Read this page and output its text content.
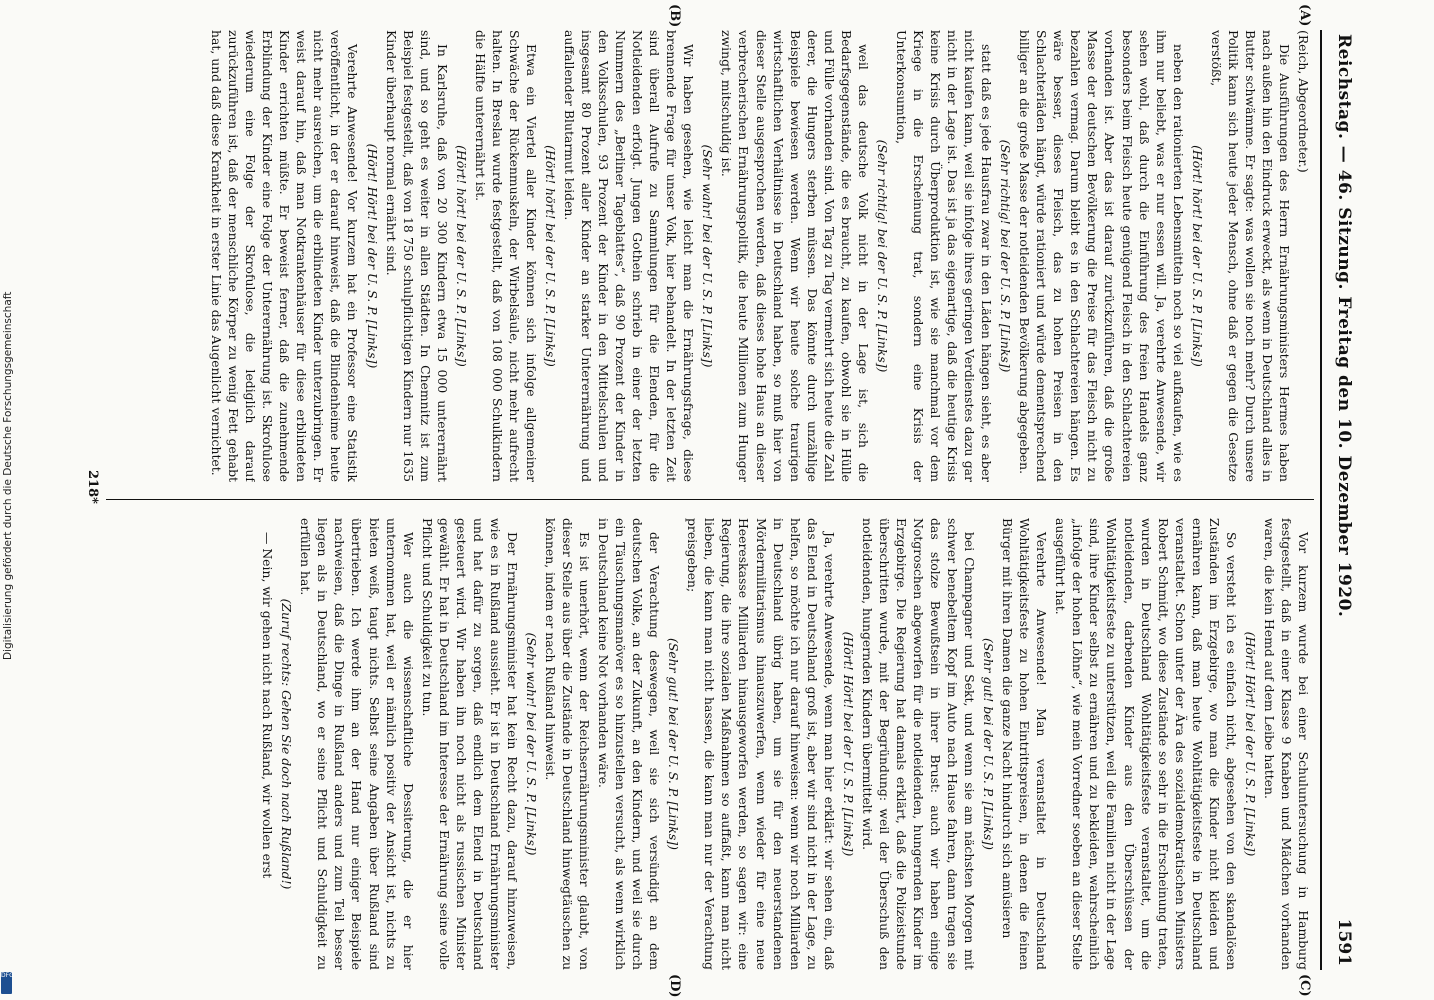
Reichstag. — 46. Sitzung. Freitag den 10. Dezember 1920.
1591
(A)
(B)
(C)
(D)

(Reich, Abgeordneter.)

Die Ausführungen des Herrn Ernährungsministers Hermes haben nach außen hin den Eindruck erweckt, als wenn in Deutschland alles in Butter schwämme. Er sagte: was wollen sie noch mehr? Durch unsere Politik kann sich heute jeder Mensch, ohne daß er gegen die Gesetze verstößt,

(Hört! hört! bei der U. S. P. [Links])

neben den rationierten Lebensmitteln noch so viel aufkaufen, wie es ihm nur beliebt, was er nur essen will. Ja, verehrte Anwesende, wir sehen wohl, daß durch die Einführung des freien Handels ganz besonders beim Fleisch heute genügend Fleisch in den Schlachtereien vorhanden ist. Aber das ist darauf zurückzuführen, daß die große Masse der deutschen Bevölkerung die Preise für das Fleisch nicht zu bezahlen vermag. Darum bleibt es in den Schlachtereien hängen. Es wäre besser, dieses Fleisch, das zu hohen Preisen in den Schlachterläden hängt, würde rationiert und würde dementsprechend billiger an die große Masse der notleidenden Bevölkerung abgegeben.

(Sehr richtig! bei der U. S. P. [Links])

statt daß es jede Hausfrau zwar in den Läden hängen sieht, es aber nicht kaufen kann, weil sie infolge ihres geringen Verdienstes dazu gar nicht in der Lage ist. Das ist ja das eigenartige, daß die heutige Krisis keine Krisis durch Überproduktion ist, wie sie manchmal vor dem Kriege in die Erscheinung trat, sondern eine Krisis der Unterkonsumtion,

(Sehr richtig! bei der U. S. P. [Links])

weil das deutsche Volk nicht in der Lage ist, sich die Bedarfsgegenstände, die es braucht, zu kaufen, obwohl sie in Hülle und Fülle vorhanden sind. Von Tag zu Tag vermehrt sich heute die Zahl derer, die Hungers sterben müssen. Das könnte durch unzählige Beispiele bewiesen werden. Wenn wir heute solche traurigen wirtschaftlichen Verhältnisse in Deutschland haben, so muß hier von dieser Stelle ausgesprochen werden, daß dieses hohe Haus an dieser verbrecherischen Ernährungspolitik, die heute Millionen zum Hunger zwingt, mitschuldig ist.

(Sehr wahr! bei der U. S. P. [Links])

Wir haben gesehen, wie leicht man die Ernährungsfrage, diese brennende Frage für unser Volk, hier behandelt. In der letzten Zeit sind überall Aufrufe zu Sammlungen für die Elenden, für die Notleidenden erfolgt. Jungen Gothein schrieb in einer der letzten Nummern des „Berliner Tageblattes“, daß 90 Prozent der Kinder in den Volksschulen, 93 Prozent der Kinder in den Mittelschulen und insgesamt 80 Prozent aller Kinder an starker Unterernährung und auffallender Blutarmut leiden.

(Hört! hört! bei der U. S. P. [Links])

Etwa ein Viertel aller Kinder können sich infolge allgemeiner Schwäche der Rückenmuskeln, der Wirbelsäule, nicht mehr aufrecht halten. In Breslau wurde festgestellt, daß von 108 000 Schulkindern die Hälfte unterernährt ist.

(Hört! hört! bei der U. S. P. [Links])

In Karlsruhe, daß von 20 300 Kindern etwa 15 000 unterernährt sind, und so geht es weiter in allen Städten. In Chemnitz ist zum Beispiel festgestellt, daß von 18 750 schulpflichtigen Kindern nur 1635 Kinder überhaupt normal ernährt sind.

(Hört! Hört! bei der U. S. P. [Links])

Verehrte Anwesende! Vor kurzem hat ein Professor eine Statistik veröffentlicht, in der er darauf hinweist, daß die Blindenheime heute nicht mehr ausreichen, um die erblindeten Kinder unterzubringen. Er weist darauf hin, daß man Notkrankenhäuser für diese erblindeten Kinder errichten müßte. Er beweist ferner, daß die zunehmende Erblindung der Kinder eine Folge der Unterernährung ist. Skrofulose wiederum eine Folge der Skrofulose, die lediglich darauf zurückzuführen ist, daß der menschliche Körper zu wenig Fett gehabt hat, und daß diese Krankheit in erster Linie das Augenlicht vernichtet.

Vor kurzem wurde bei einer Schuluntersuchung in Hamburg festgestellt, daß in einer Klasse 9 Knaben und Mädchen vorhanden waren, die kein Hemd auf dem Leibe hatten.

(Hört! Hört! bei der U. S. P. [Links])

So versteht ich es einfach nicht, abgesehen von den skandalösen Zuständen im Erzgebirge, wo man die Kinder nicht kleiden und ernähren kann, daß man heute Wohltätigkeitsfeste in Deutschland veranstaltet. Schon unter der Ära des sozialdemokratischen Ministers Robert Schmidt, wo diese Zustände so sehr in die Erscheinung traten, wurden in Deutschland Wohltätigkeitsfeste veranstaltet, um die notleidenden, darbenden Kinder aus den Überschüssen der Wohltätigkeitsfeste zu unterstützen, weil die Familien nicht in der Lage sind, ihre Kinder selbst zu ernähren und zu bekleiden, wahrscheinlich „infolge der hohen Löhne“, wie mein Vorredner soeben an dieser Stelle ausgeführt hat.

Verehrte Anwesende! Man veranstaltet in Deutschland Wohltätigkeitsfeste zu hohen Eintrittspreisen, in denen die feinen Bürger mit ihren Damen die ganze Nacht hindurch sich amüsieren

(Sehr gut! bei der U. S. P. [Links])

bei Champagner und Sekt, und wenn sie am nächsten Morgen mit schwer benebeltem Kopf im Auto nach Hause fahren, dann tragen sie das stolze Bewußtsein in ihrer Brust: auch wir haben einige Notgroschen abgeworfen für die notleidenden, hungernden Kinder im Erzgebirge. Die Regierung hat damals erklärt, daß die Polizeistunde überschritten wurde, mit der Begründung: weil der Überschuß den notleidenden, hungernden Kindern übermittelt wird.

(Hört! Hört! bei der U. S. P. [Links])

Ja, verehrte Anwesende, wenn man hier erklärt: wir sehen ein, daß das Elend in Deutschland groß ist, aber wir sind nicht in der Lage, zu helfen, so möchte ich nur darauf hinweisen: wenn wir noch Milliarden in Deutschland übrig haben, um sie für den neuerstandenen Mördermilitarismus hinauszuwerfen, wenn wieder für eine neue Heereskasse Milliarden hinausgeworfen werden, so sagen wir: eine Regierung, die ihre sozialen Maßnahmen so auffaßt, kann man nicht lieben, die kann man nicht hassen, die kann man nur der Verachtung preisgeben;

(Sehr gut! bei der U. S. P. [Links])

der Verachtung deswegen, weil sie sich versündigt an dem deutschen Volke, an der Zukunft, an den Kindern, und weil sie durch ein Täuschungsmanöver es so hinzustellen versucht, als wenn wirklich in Deutschland keine Not vorhanden wäre.

Es ist unerhört, wenn der Reichsernährungsminister glaubt, von dieser Stelle aus über die Zustände in Deutschland hinwegtäuschen zu können, indem er nach Rußland hinweist.

(Sehr wahr! bei der U. S. P. [Links])

Der Ernährungsminister hat kein Recht dazu, darauf hinzuweisen, wie es in Rußland aussieht. Er ist in Deutschland Ernährungsminister und hat dafür zu sorgen, daß endlich dem Elend in Deutschland gesteuert wird. Wir haben ihn noch nicht als russischen Minister gewählt. Er hat in Deutschland im Interesse der Ernährung seine volle Pflicht und Schuldigkeit zu tun.

Wer auch die wissenschaftliche Dessiterung, die er hier unternommen hat, weil er nämlich positiv der Ansicht ist, nichts zu bieten weiß, taugt nichts. Selbst seine Angaben über Rußland sind übertrieben. Ich werde ihm an der Hand nur einiger Beispiele nachweisen, daß die Dinge in Rußland anders und zum Teil besser liegen als in Deutschland, wo er seine Pflicht und Schuldigkeit zu erfüllen hat.

(Zuruf rechts: Gehen Sie doch nach Rußland!)

— Nein, wir gehen nicht nach Rußland, wir wollen erst

218*
Digitalisierung gefördert durch die Deutsche Forschungsgemeinschaft
DFG
